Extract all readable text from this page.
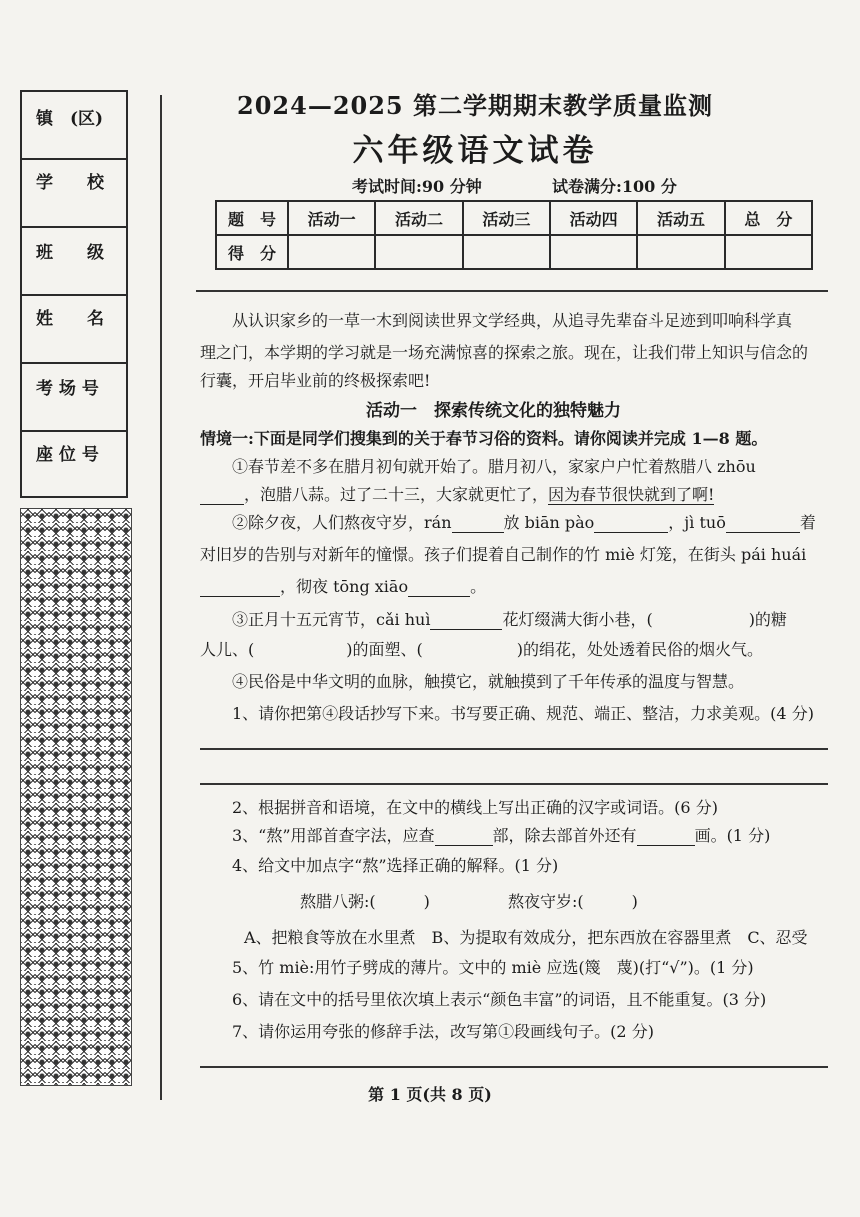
镇　(区)
学　　校
班　　级
姓　　名
考 场 号
座 位 号
2024—2025 第二学期期末教学质量监测
六年级语文试卷
考试时间:90 分钟	试卷满分:100 分
题　号	活动一	活动二	活动三	活动四	活动五	总　分
得　分						
从认识家乡的一草一木到阅读世界文学经典，从追寻先辈奋斗足迹到叩响科学真
理之门，本学期的学习就是一场充满惊喜的探索之旅。现在，让我们带上知识与信念的
行囊，开启毕业前的终极探索吧!
活动一　探索传统文化的独特魅力
情境一:下面是同学们搜集到的关于春节习俗的资料。请你阅读并完成 1—8 题。
①春节差不多在腊月初旬就开始了。腊月初八，家家户户忙着熬腊八 zhōu
，泡腊八蒜。过了二十三，大家就更忙了，因为春节很快就到了啊!
②除夕夜，人们熬夜守岁，rán	放 biān pào	，jì tuō	着
对旧岁的告别与对新年的憧憬。孩子们提着自己制作的竹 miè 灯笼，在街头 pái huái
，彻夜 tōng xiāo	。
③正月十五元宵节，cǎi huì	花灯缀满大街小巷，(	)的糖
人儿、(	)的面塑、(	)的绢花，处处透着民俗的烟火气。
④民俗是中华文明的血脉，触摸它，就触摸到了千年传承的温度与智慧。
1、请你把第④段话抄写下来。书写要正确、规范、端正、整洁，力求美观。(4 分)
2、根据拼音和语境，在文中的横线上写出正确的汉字或词语。(6 分)
3、“熬”用部首查字法，应查	部，除去部首外还有	画。(1 分)
4、给文中加点字“熬”选择正确的解释。(1 分)
熬腊八粥:(　　　)	熬夜守岁:(　　　)
A、把粮食等放在水里煮　B、为提取有效成分，把东西放在容器里煮　C、忍受
5、竹 miè:用竹子劈成的薄片。文中的 miè 应选(篾　蔑)(打“√”)。(1 分)
6、请在文中的括号里依次填上表示“颜色丰富”的词语，且不能重复。(3 分)
7、请你运用夸张的修辞手法，改写第①段画线句子。(2 分)
第 1 页(共 8 页)
